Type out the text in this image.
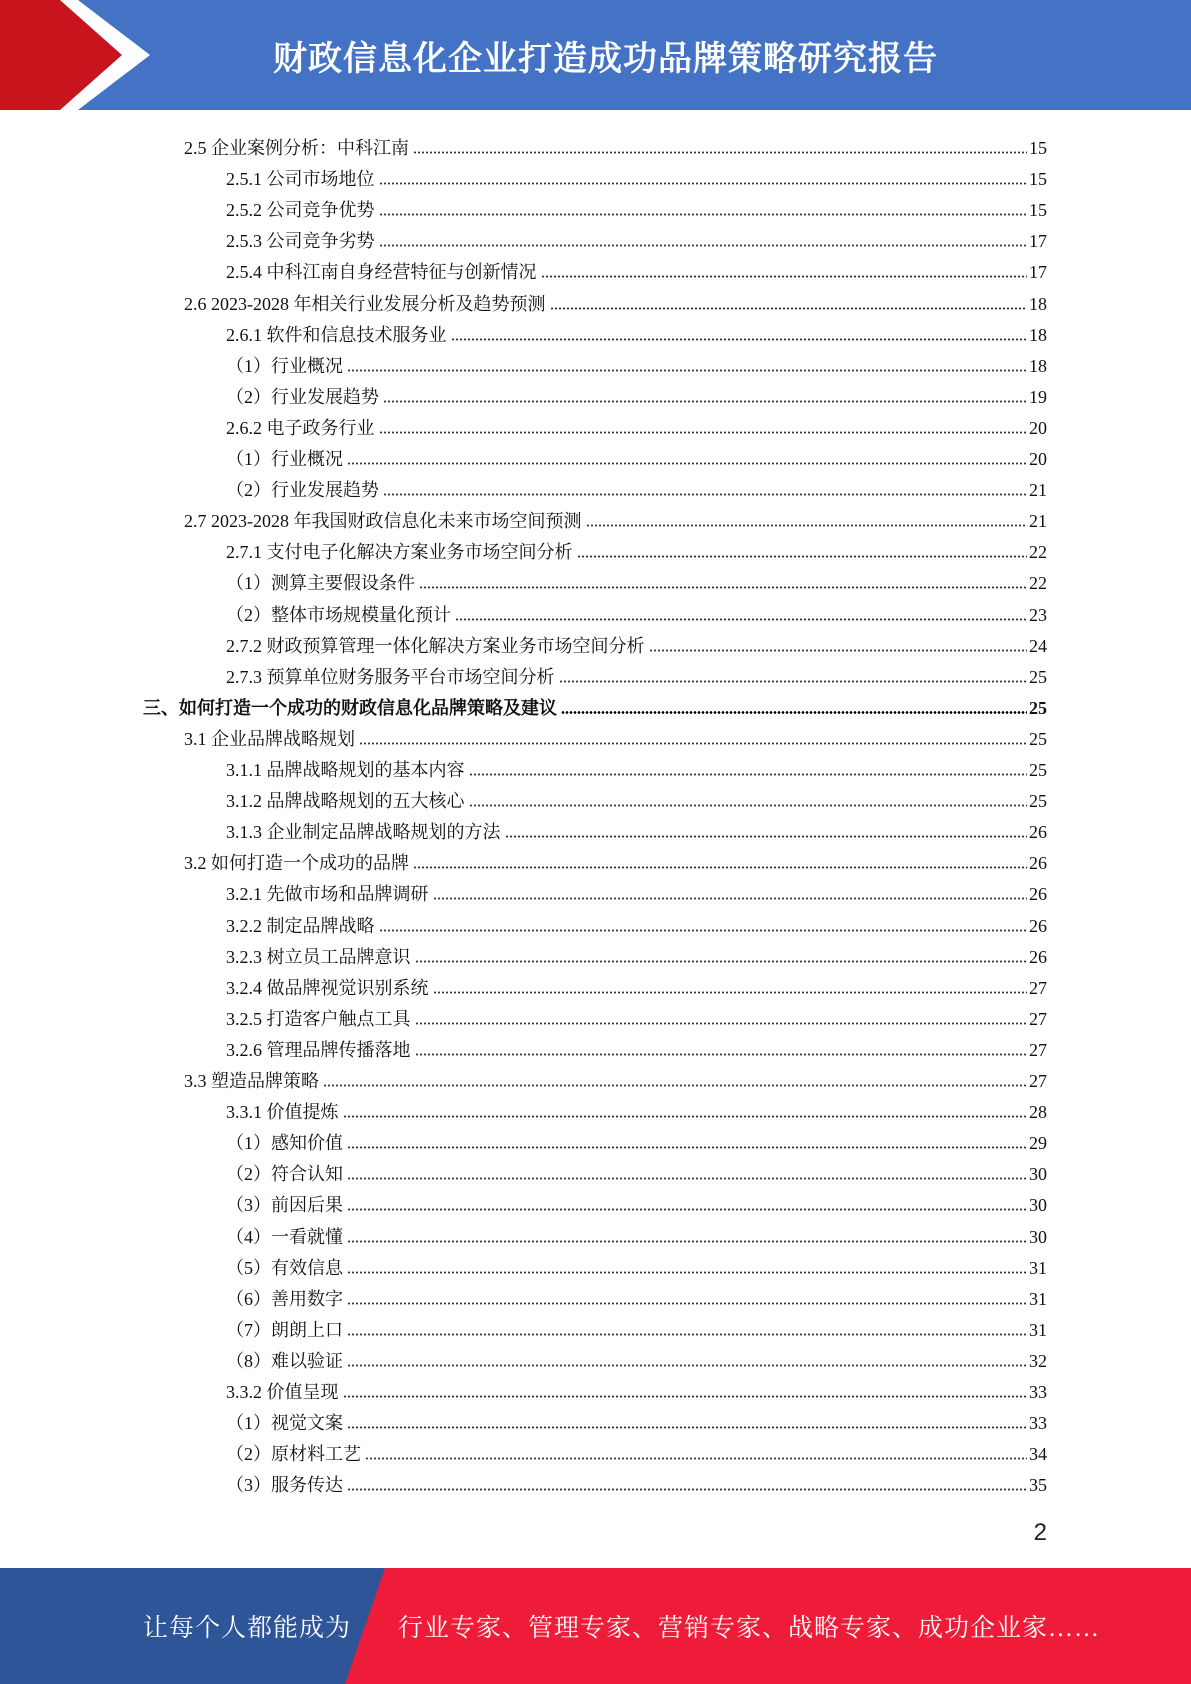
财政信息化企业打造成功品牌策略研究报告
2.5 企业案例分析：中科江南	15
2.5.1 公司市场地位	15
2.5.2 公司竞争优势	15
2.5.3 公司竞争劣势	17
2.5.4 中科江南自身经营特征与创新情况	17
2.6 2023-2028 年相关行业发展分析及趋势预测	18
2.6.1 软件和信息技术服务业	18
（1）行业概况	18
（2）行业发展趋势	19
2.6.2 电子政务行业	20
（1）行业概况	20
（2）行业发展趋势	21
2.7 2023-2028 年我国财政信息化未来市场空间预测	21
2.7.1 支付电子化解决方案业务市场空间分析	22
（1）测算主要假设条件	22
（2）整体市场规模量化预计	23
2.7.2 财政预算管理一体化解决方案业务市场空间分析	24
2.7.3 预算单位财务服务平台市场空间分析	25
三、如何打造一个成功的财政信息化品牌策略及建议	25
3.1 企业品牌战略规划	25
3.1.1 品牌战略规划的基本内容	25
3.1.2 品牌战略规划的五大核心	25
3.1.3 企业制定品牌战略规划的方法	26
3.2 如何打造一个成功的品牌	26
3.2.1 先做市场和品牌调研	26
3.2.2 制定品牌战略	26
3.2.3 树立员工品牌意识	26
3.2.4 做品牌视觉识别系统	27
3.2.5 打造客户触点工具	27
3.2.6 管理品牌传播落地	27
3.3 塑造品牌策略	27
3.3.1 价值提炼	28
（1）感知价值	29
（2）符合认知	30
（3）前因后果	30
（4）一看就懂	30
（5）有效信息	31
（6）善用数字	31
（7）朗朗上口	31
（8）难以验证	32
3.3.2 价值呈现	33
（1）视觉文案	33
（2）原材料工艺	34
（3）服务传达	35
2
让每个人都能成为 行业专家、管理专家、营销专家、战略专家、成功企业家……
